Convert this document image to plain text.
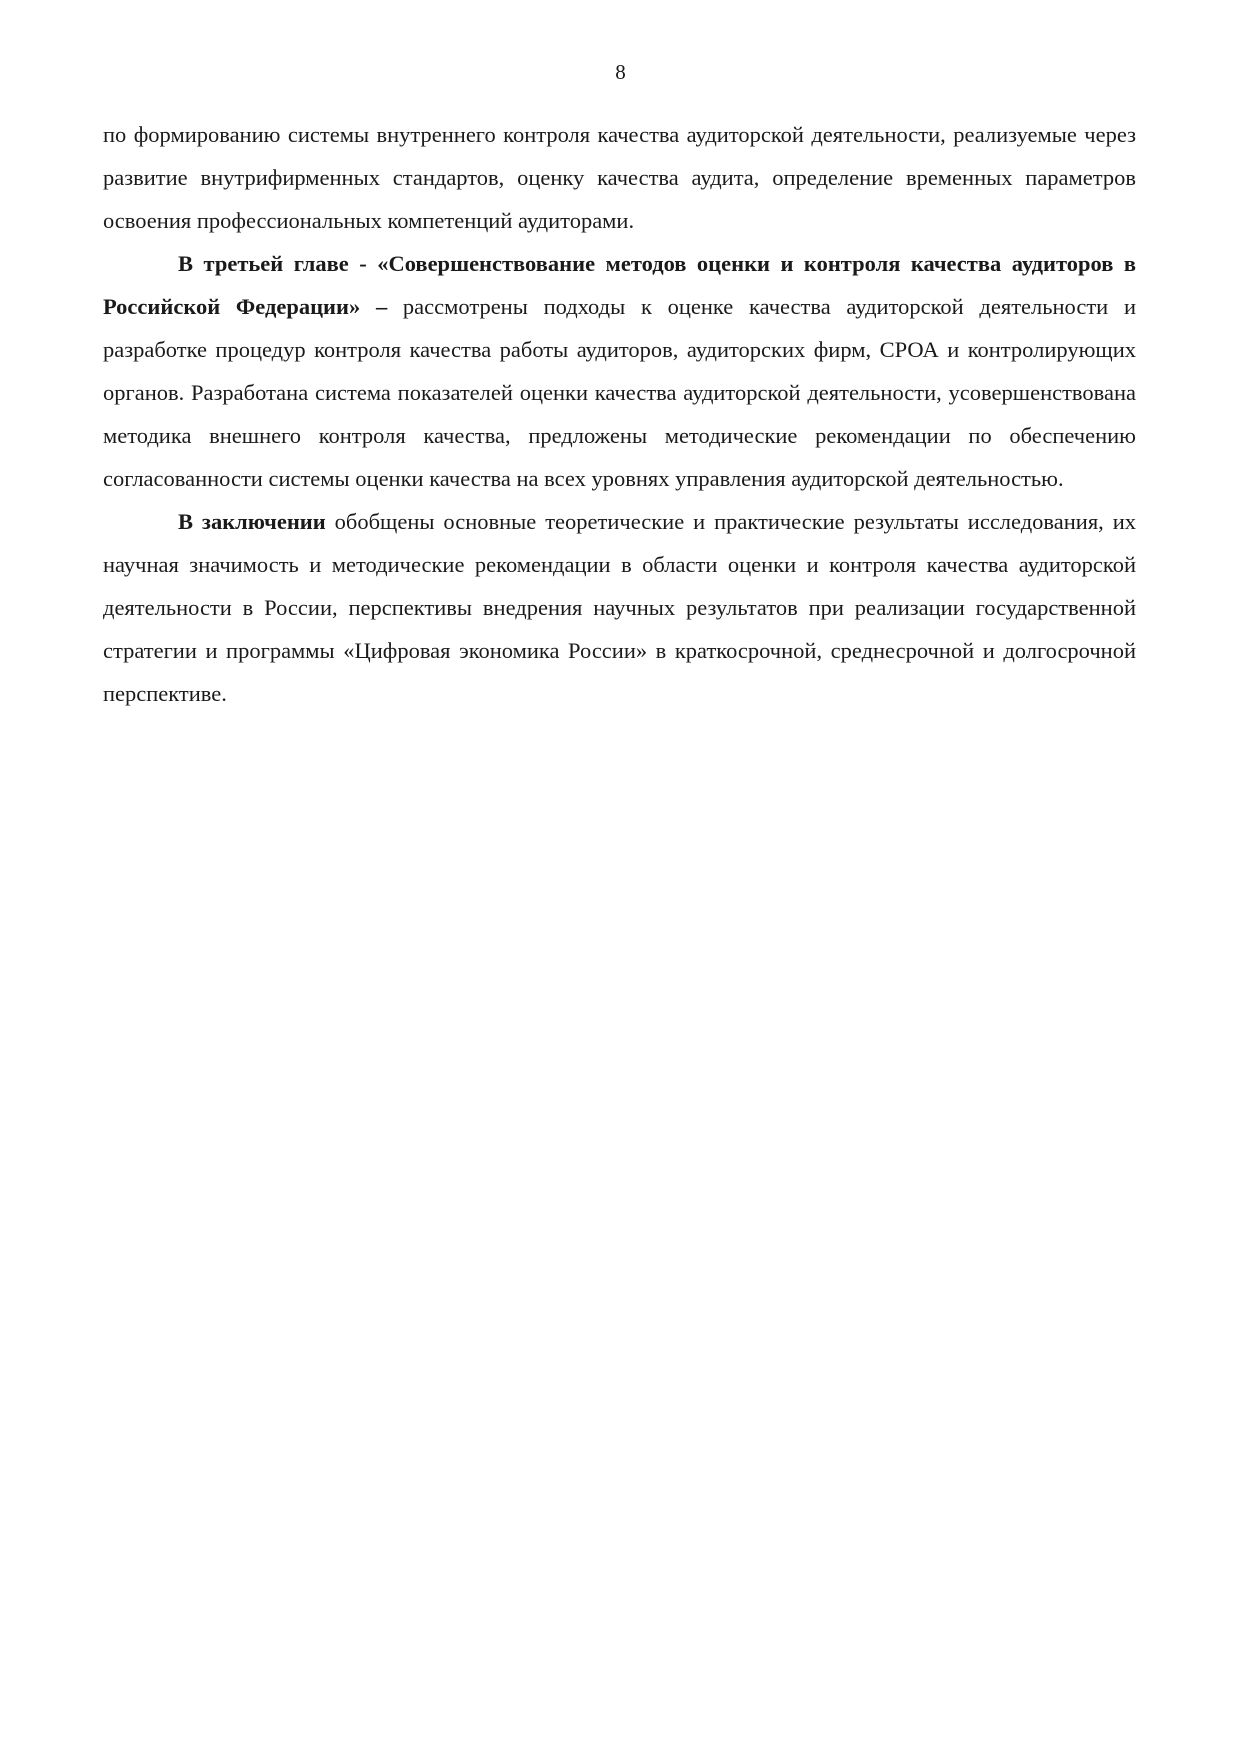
8

по формированию системы внутреннего контроля качества аудиторской деятельности, реализуемые через развитие внутрифирменных стандартов, оценку качества аудита, определение временных параметров освоения профессиональных компетенций аудиторами.

В третьей главе - «Совершенствование методов оценки и контроля качества аудиторов в Российской Федерации» – рассмотрены подходы к оценке качества аудиторской деятельности и разработке процедур контроля качества работы аудиторов, аудиторских фирм, СРОА и контролирующих органов. Разработана система показателей оценки качества аудиторской деятельности, усовершенствована методика внешнего контроля качества, предложены методические рекомендации по обеспечению согласованности системы оценки качества на всех уровнях управления аудиторской деятельностью.

В заключении обобщены основные теоретические и практические результаты исследования, их научная значимость и методические рекомендации в области оценки и контроля качества аудиторской деятельности в России, перспективы внедрения научных результатов при реализации государственной стратегии и программы «Цифровая экономика России» в краткосрочной, среднесрочной и долгосрочной перспективе.
